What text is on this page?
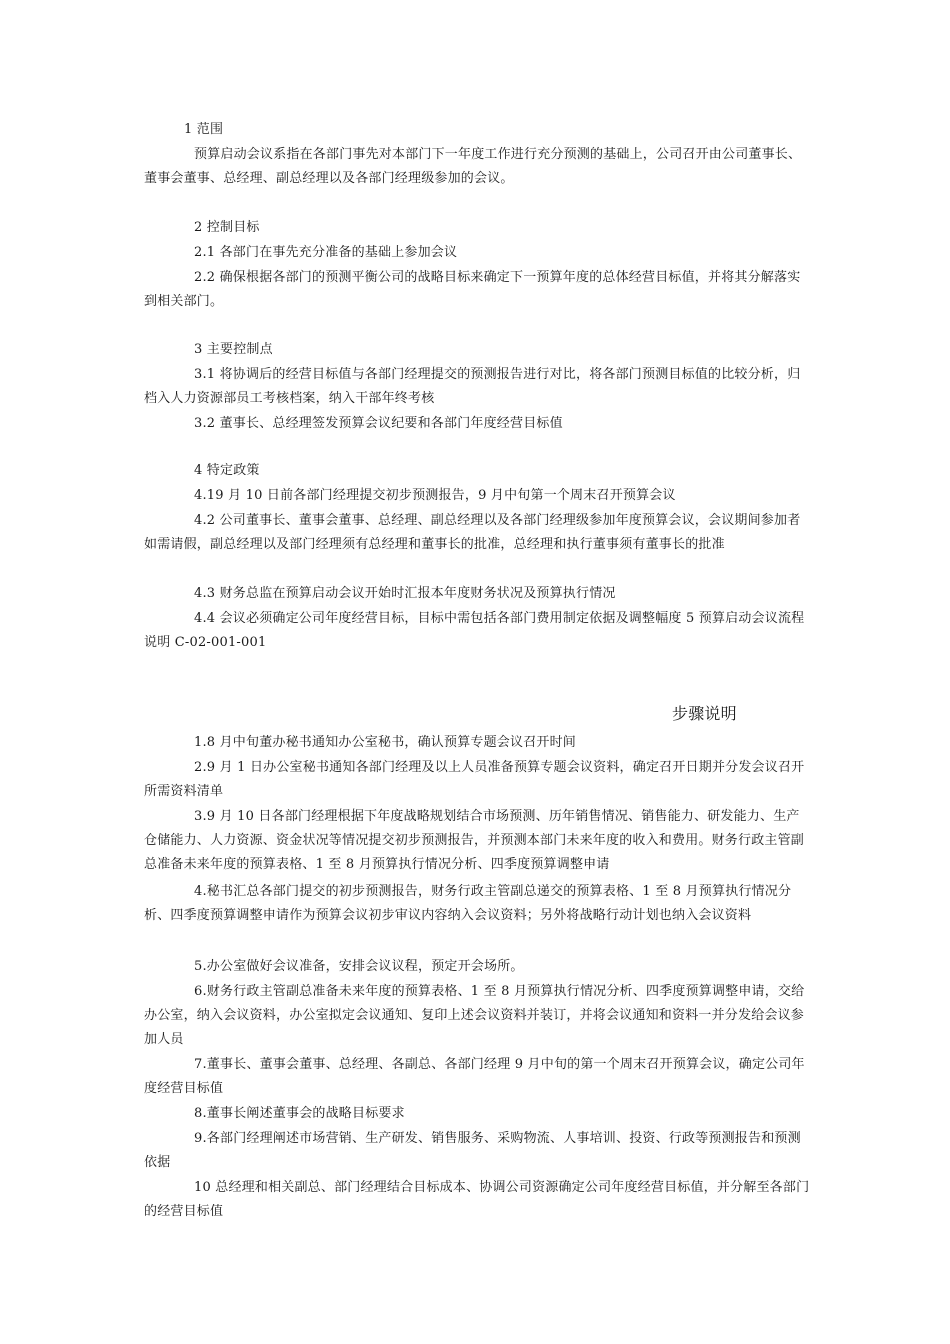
1 范围
预算启动会议系指在各部门事先对本部门下一年度工作进行充分预测的基础上，公司召开由公司董事长、董事会董事、总经理、副总经理以及各部门经理级参加的会议。
2 控制目标
2.1 各部门在事先充分准备的基础上参加会议
2.2 确保根据各部门的预测平衡公司的战略目标来确定下一预算年度的总体经营目标值，并将其分解落实到相关部门。
3 主要控制点
3.1 将协调后的经营目标值与各部门经理提交的预测报告进行对比，将各部门预测目标值的比较分析，归档入人力资源部员工考核档案，纳入干部年终考核
3.2 董事长、总经理签发预算会议纪要和各部门年度经营目标值
4 特定政策
4.19 月 10 日前各部门经理提交初步预测报告，9 月中旬第一个周末召开预算会议
4.2 公司董事长、董事会董事、总经理、副总经理以及各部门经理级参加年度预算会议，会议期间参加者如需请假，副总经理以及部门经理须有总经理和董事长的批准，总经理和执行董事须有董事长的批准
4.3 财务总监在预算启动会议开始时汇报本年度财务状况及预算执行情况
4.4 会议必须确定公司年度经营目标，目标中需包括各部门费用制定依据及调整幅度 5 预算启动会议流程说明 C-02-001-001
步骤说明
1.8 月中旬董办秘书通知办公室秘书，确认预算专题会议召开时间
2.9 月 1 日办公室秘书通知各部门经理及以上人员准备预算专题会议资料，确定召开日期并分发会议召开所需资料清单
3.9 月 10 日各部门经理根据下年度战略规划结合市场预测、历年销售情况、销售能力、研发能力、生产仓储能力、人力资源、资金状况等情况提交初步预测报告，并预测本部门未来年度的收入和费用。财务行政主管副总准备未来年度的预算表格、1 至 8 月预算执行情况分析、四季度预算调整申请
4.秘书汇总各部门提交的初步预测报告，财务行政主管副总递交的预算表格、1 至 8 月预算执行情况分析、四季度预算调整申请作为预算会议初步审议内容纳入会议资料；另外将战略行动计划也纳入会议资料
5.办公室做好会议准备，安排会议议程，预定开会场所。
6.财务行政主管副总准备未来年度的预算表格、1 至 8 月预算执行情况分析、四季度预算调整申请，交给办公室，纳入会议资料，办公室拟定会议通知、复印上述会议资料并装订，并将会议通知和资料一并分发给会议参加人员
7.董事长、董事会董事、总经理、各副总、各部门经理 9 月中旬的第一个周末召开预算会议，确定公司年度经营目标值
8.董事长阐述董事会的战略目标要求
9.各部门经理阐述市场营销、生产研发、销售服务、采购物流、人事培训、投资、行政等预测报告和预测依据
10 总经理和相关副总、部门经理结合目标成本、协调公司资源确定公司年度经营目标值，并分解至各部门的经营目标值
